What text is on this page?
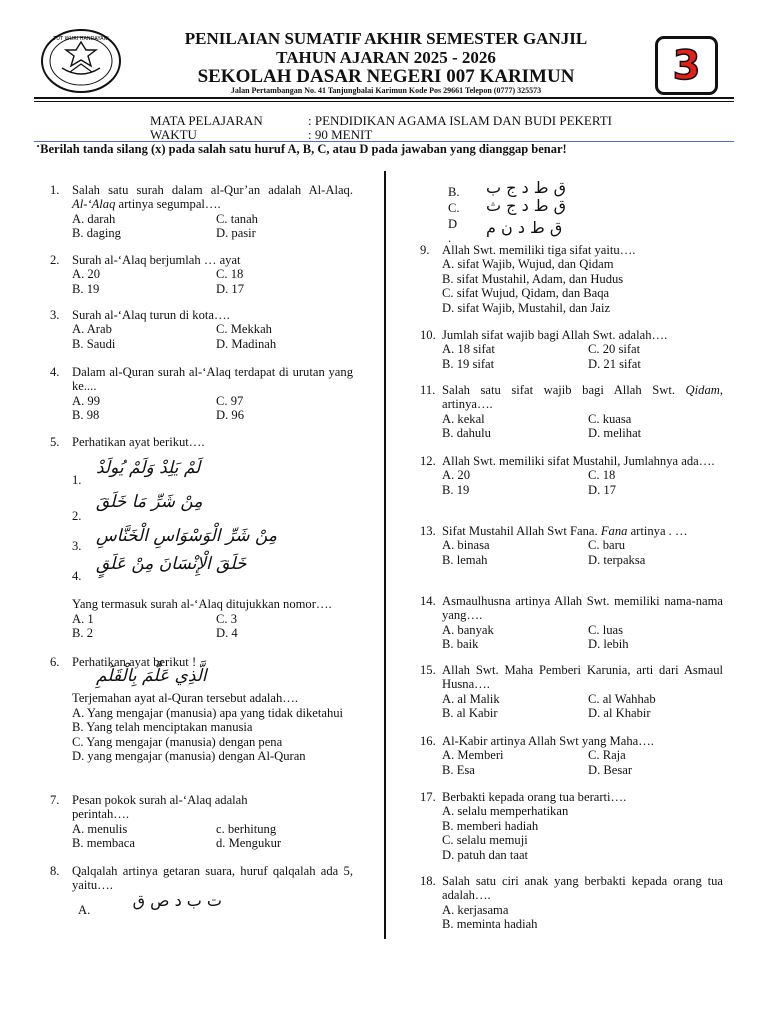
TUT WURI HANDAYANI	PENILAIAN SUMATIF AKHIR SEMESTER GANJIL
TAHUN AJARAN 2025 - 2026
SEKOLAH DASAR NEGERI 007 KARIMUN
Jalan Pertambangan No. 41 Tanjungbalai Karimun Kode Pos 29661 Telepon (0777) 325573
3
MATA PELAJARAN	: PENDIDIKAN AGAMA ISLAM DAN BUDI PEKERTI
WAKTU	: 90 MENIT
·Berilah tanda silang (x) pada salah satu huruf A, B, C, atau D pada jawaban yang dianggap benar!
1. Salah satu surah dalam al-Qur’an adalah Al-Alaq. Al-‘Alaq artinya segumpal….
A. darah	C. tanah
B. daging	D. pasir
2. Surah al-‘Alaq berjumlah … ayat
A. 20	C. 18
B. 19	D. 17
3. Surah al-‘Alaq turun di kota….
A. Arab	C. Mekkah
B. Saudi	D. Madinah
4. Dalam al-Quran surah al-‘Alaq terdapat di urutan yang ke....
A. 99	C. 97
B. 98	D. 96
5. Perhatikan ayat berikut….
1.
لَمْ يَلِدْ وَلَمْ يُولَدْ
2.
مِنْ شَرِّ مَا خَلَقَ
3. مِنْ شَرِّ الْوَسْوَاسِ الْخَنَّاسِ
4.
خَلَقَ الْإِنْسَانَ مِنْ عَلَقٍ
Yang termasuk surah al-‘Alaq ditujukkan nomor….
A. 1	C. 3
B. 2	D. 4
6. Perhatikan ayat berikut !
الَّذِي عَلَّمَ بِالْقَلَمِ
Terjemahan ayat al-Quran tersebut adalah….
A. Yang mengajar (manusia) apa yang tidak diketahui
B. Yang telah menciptakan manusia
C. Yang mengajar (manusia) dengan pena
D. yang mengajar (manusia) dengan Al-Quran
7. Pesan pokok surah al-‘Alaq adalah perintah….
A. menulis	c. berhitung
B. membaca	d. Mengukur
8. Qalqalah artinya getaran suara, huruf qalqalah ada 5, yaitu….
A.	ت ب د ص ق
B. ق ط د ج ب
C. ق ط د ج ث
D
.
ق ط د ن م
9. Allah Swt. memiliki tiga sifat yaitu….
A. sifat Wajib, Wujud, dan Qidam
B. sifat Mustahil, Adam, dan Hudus
C. sifat Wujud, Qidam, dan Baqa
D. sifat Wajib, Mustahil, dan Jaiz
10. Jumlah sifat wajib bagi Allah Swt. adalah….
A. 18 sifat	C. 20 sifat
B. 19 sifat	D. 21 sifat
11. Salah satu sifat wajib bagi Allah Swt. Qidam, artinya….
A. kekal	C. kuasa
B. dahulu	D. melihat
12. Allah Swt. memiliki sifat Mustahil, Jumlahnya ada….
A. 20	C. 18
B. 19	D. 17
13. Sifat Mustahil Allah Swt Fana. Fana artinya . …
A. binasa	C. baru
B. lemah	D. terpaksa
14. Asmaulhusna artinya Allah Swt. memiliki nama-nama yang….
A. banyak	C. luas
B. baik	D. lebih
15. Allah Swt. Maha Pemberi Karunia, arti dari Asmaul Husna….
A. al Malik	C. al Wahhab
B. al Kabir	D. al Khabir
16. Al-Kabir artinya Allah Swt yang Maha….
A. Memberi	C. Raja
B. Esa	D. Besar
17. Berbakti kepada orang tua berarti….
A. selalu memperhatikan
B. memberi hadiah
C. selalu memuji
D. patuh dan taat
18. Salah satu ciri anak yang berbakti kepada orang tua adalah….
A. kerjasama
B. meminta hadiah
